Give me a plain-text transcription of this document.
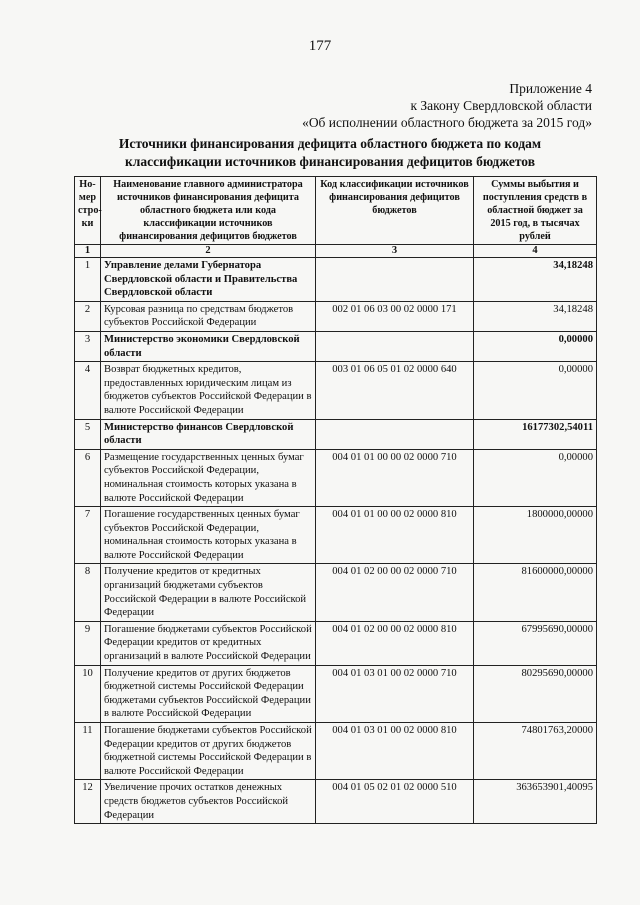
177
Приложение 4
к Закону Свердловской области
«Об исполнении областного бюджета за 2015 год»
Источники финансирования дефицита областного бюджета по кодам
классификации источников финансирования дефицитов бюджетов
Но-мер стро-ки	Наименование главного администратора источников финансирования дефицита областного бюджета или кода классификации источников финансирования дефицитов бюджетов	Код классификации источников финансирования дефицитов бюджетов	Суммы выбытия и поступления средств в областной бюджет за 2015 год, в тысячах рублей
1	2	3	4
1	Управление делами Губернатора Свердловской области и Правительства Свердловской области		34,18248
2	Курсовая разница по средствам бюджетов субъектов Российской Федерации	002 01 06 03 00 02 0000 171	34,18248
3	Министерство экономики Свердловской области		0,00000
4	Возврат бюджетных кредитов, предоставленных юридическим лицам из бюджетов субъектов Российской Федерации в валюте Российской Федерации	003 01 06 05 01 02 0000 640	0,00000
5	Министерство финансов Свердловской области		16177302,54011
6	Размещение государственных ценных бумаг субъектов Российской Федерации, номинальная стоимость которых указана в валюте Российской Федерации	004 01 01 00 00 02 0000 710	0,00000
7	Погашение государственных ценных бумаг субъектов Российской Федерации, номинальная стоимость которых указана в валюте Российской Федерации	004 01 01 00 00 02 0000 810	1800000,00000
8	Получение кредитов от кредитных организаций бюджетами субъектов Российской Федерации в валюте Российской Федерации	004 01 02 00 00 02 0000 710	81600000,00000
9	Погашение бюджетами субъектов Российской Федерации кредитов от кредитных организаций в валюте Российской Федерации	004 01 02 00 00 02 0000 810	67995690,00000
10	Получение кредитов от других бюджетов бюджетной системы Российской Федерации бюджетами субъектов Российской Федерации в валюте Российской Федерации	004 01 03 01 00 02 0000 710	80295690,00000
11	Погашение бюджетами субъектов Российской Федерации кредитов от других бюджетов бюджетной системы Российской Федерации в валюте Российской Федерации	004 01 03 01 00 02 0000 810	74801763,20000
12	Увеличение прочих остатков денежных средств бюджетов субъектов Российской Федерации	004 01 05 02 01 02 0000 510	363653901,40095
